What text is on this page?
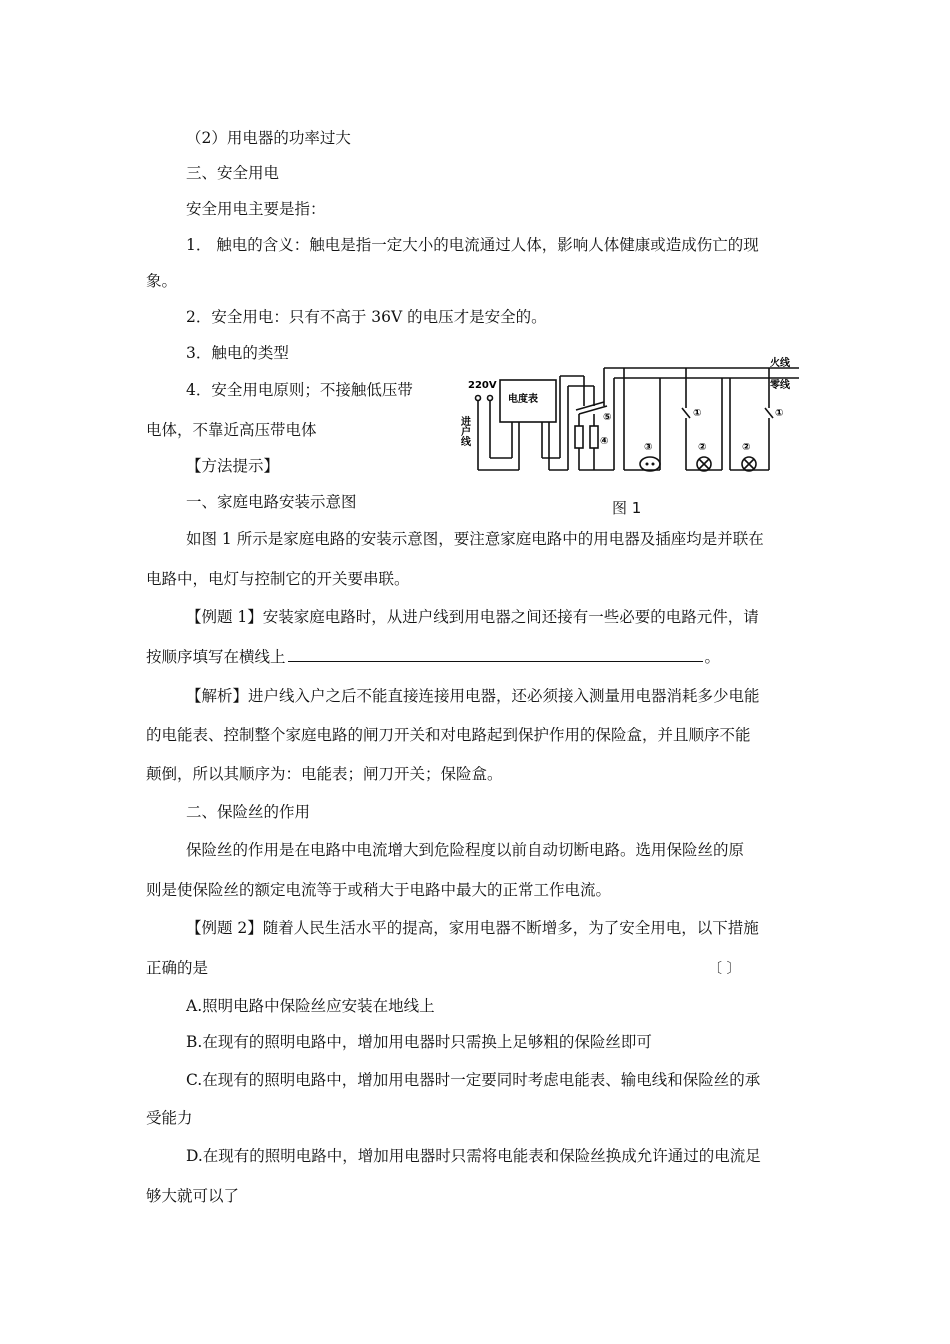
（2）用电器的功率过大
三、安全用电
安全用电主要是指：
1． 触电的含义：触电是指一定大小的电流通过人体，影响人体健康或造成伤亡的现
象。
2．安全用电：只有不高于 36V 的电压才是安全的。
3．触电的类型
4．安全用电原则；不接触低压带
电体，不靠近高压带电体
【方法提示】
一、家庭电路安装示意图
如图 1 所示是家庭电路的安装示意图，要注意家庭电路中的用电器及插座均是并联在
电路中，电灯与控制它的开关要串联。
【例题 1】安装家庭电路时，从进户线到用电器之间还接有一些必要的电路元件，请
按顺序填写在横线上	。
【解析】进户线入户之后不能直接连接用电器，还必须接入测量用电器消耗多少电能
的电能表、控制整个家庭电路的闸刀开关和对电路起到保护作用的保险盒，并且顺序不能
颠倒，所以其顺序为：电能表；闸刀开关；保险盒。
二、保险丝的作用
保险丝的作用是在电路中电流增大到危险程度以前自动切断电路。选用保险丝的原
则是使保险丝的额定电流等于或稍大于电路中最大的正常工作电流。
【例题 2】随着人民生活水平的提高，家用电器不断增多，为了安全用电，以下措施
正确的是	〔 〕
A.照明电路中保险丝应安装在地线上
B.在现有的照明电路中，增加用电器时只需换上足够粗的保险丝即可
C.在现有的照明电路中，增加用电器时一定要同时考虑电能表、输电线和保险丝的承
受能力
D.在现有的照明电路中，增加用电器时只需将电能表和保险丝换成允许通过的电流足
够大就可以了
220V
进户线
电度表
火线
零线
⑤
④
③
①
②	②
①
图 1
